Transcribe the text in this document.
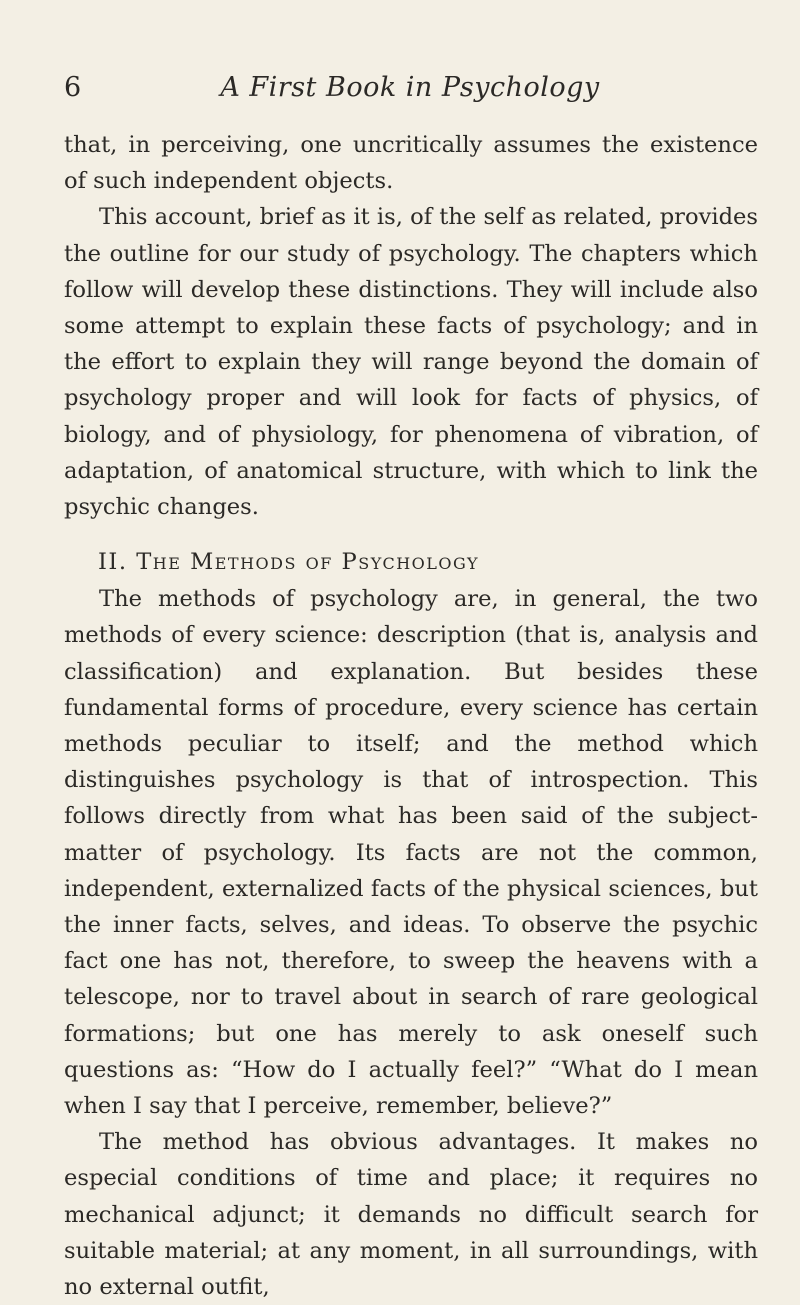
6	A First Book in Psychology

that, in perceiving, one uncritically assumes the existence of such independent objects.

This account, brief as it is, of the self as related, provides the outline for our study of psychology. The chapters which follow will develop these distinctions. They will include also some attempt to explain these facts of psychology; and in the effort to explain they will range beyond the domain of psychology proper and will look for facts of physics, of biology, and of physiology, for phenomena of vibration, of adaptation, of anatomical structure, with which to link the psychic changes.

II. The Methods of Psychology

The methods of psychology are, in general, the two methods of every science: description (that is, analysis and classification) and explanation. But besides these fundamental forms of procedure, every science has certain methods peculiar to itself; and the method which distinguishes psychology is that of introspection. This follows directly from what has been said of the subject-matter of psychology. Its facts are not the common, independent, externalized facts of the physical sciences, but the inner facts, selves, and ideas. To observe the psychic fact one has not, therefore, to sweep the heavens with a telescope, nor to travel about in search of rare geological formations; but one has merely to ask oneself such questions as: “How do I actually feel?” “What do I mean when I say that I perceive, remember, believe?”

The method has obvious advantages. It makes no especial conditions of time and place; it requires no mechanical adjunct; it demands no difficult search for suitable material; at any moment, in all surroundings, with no external outfit,
